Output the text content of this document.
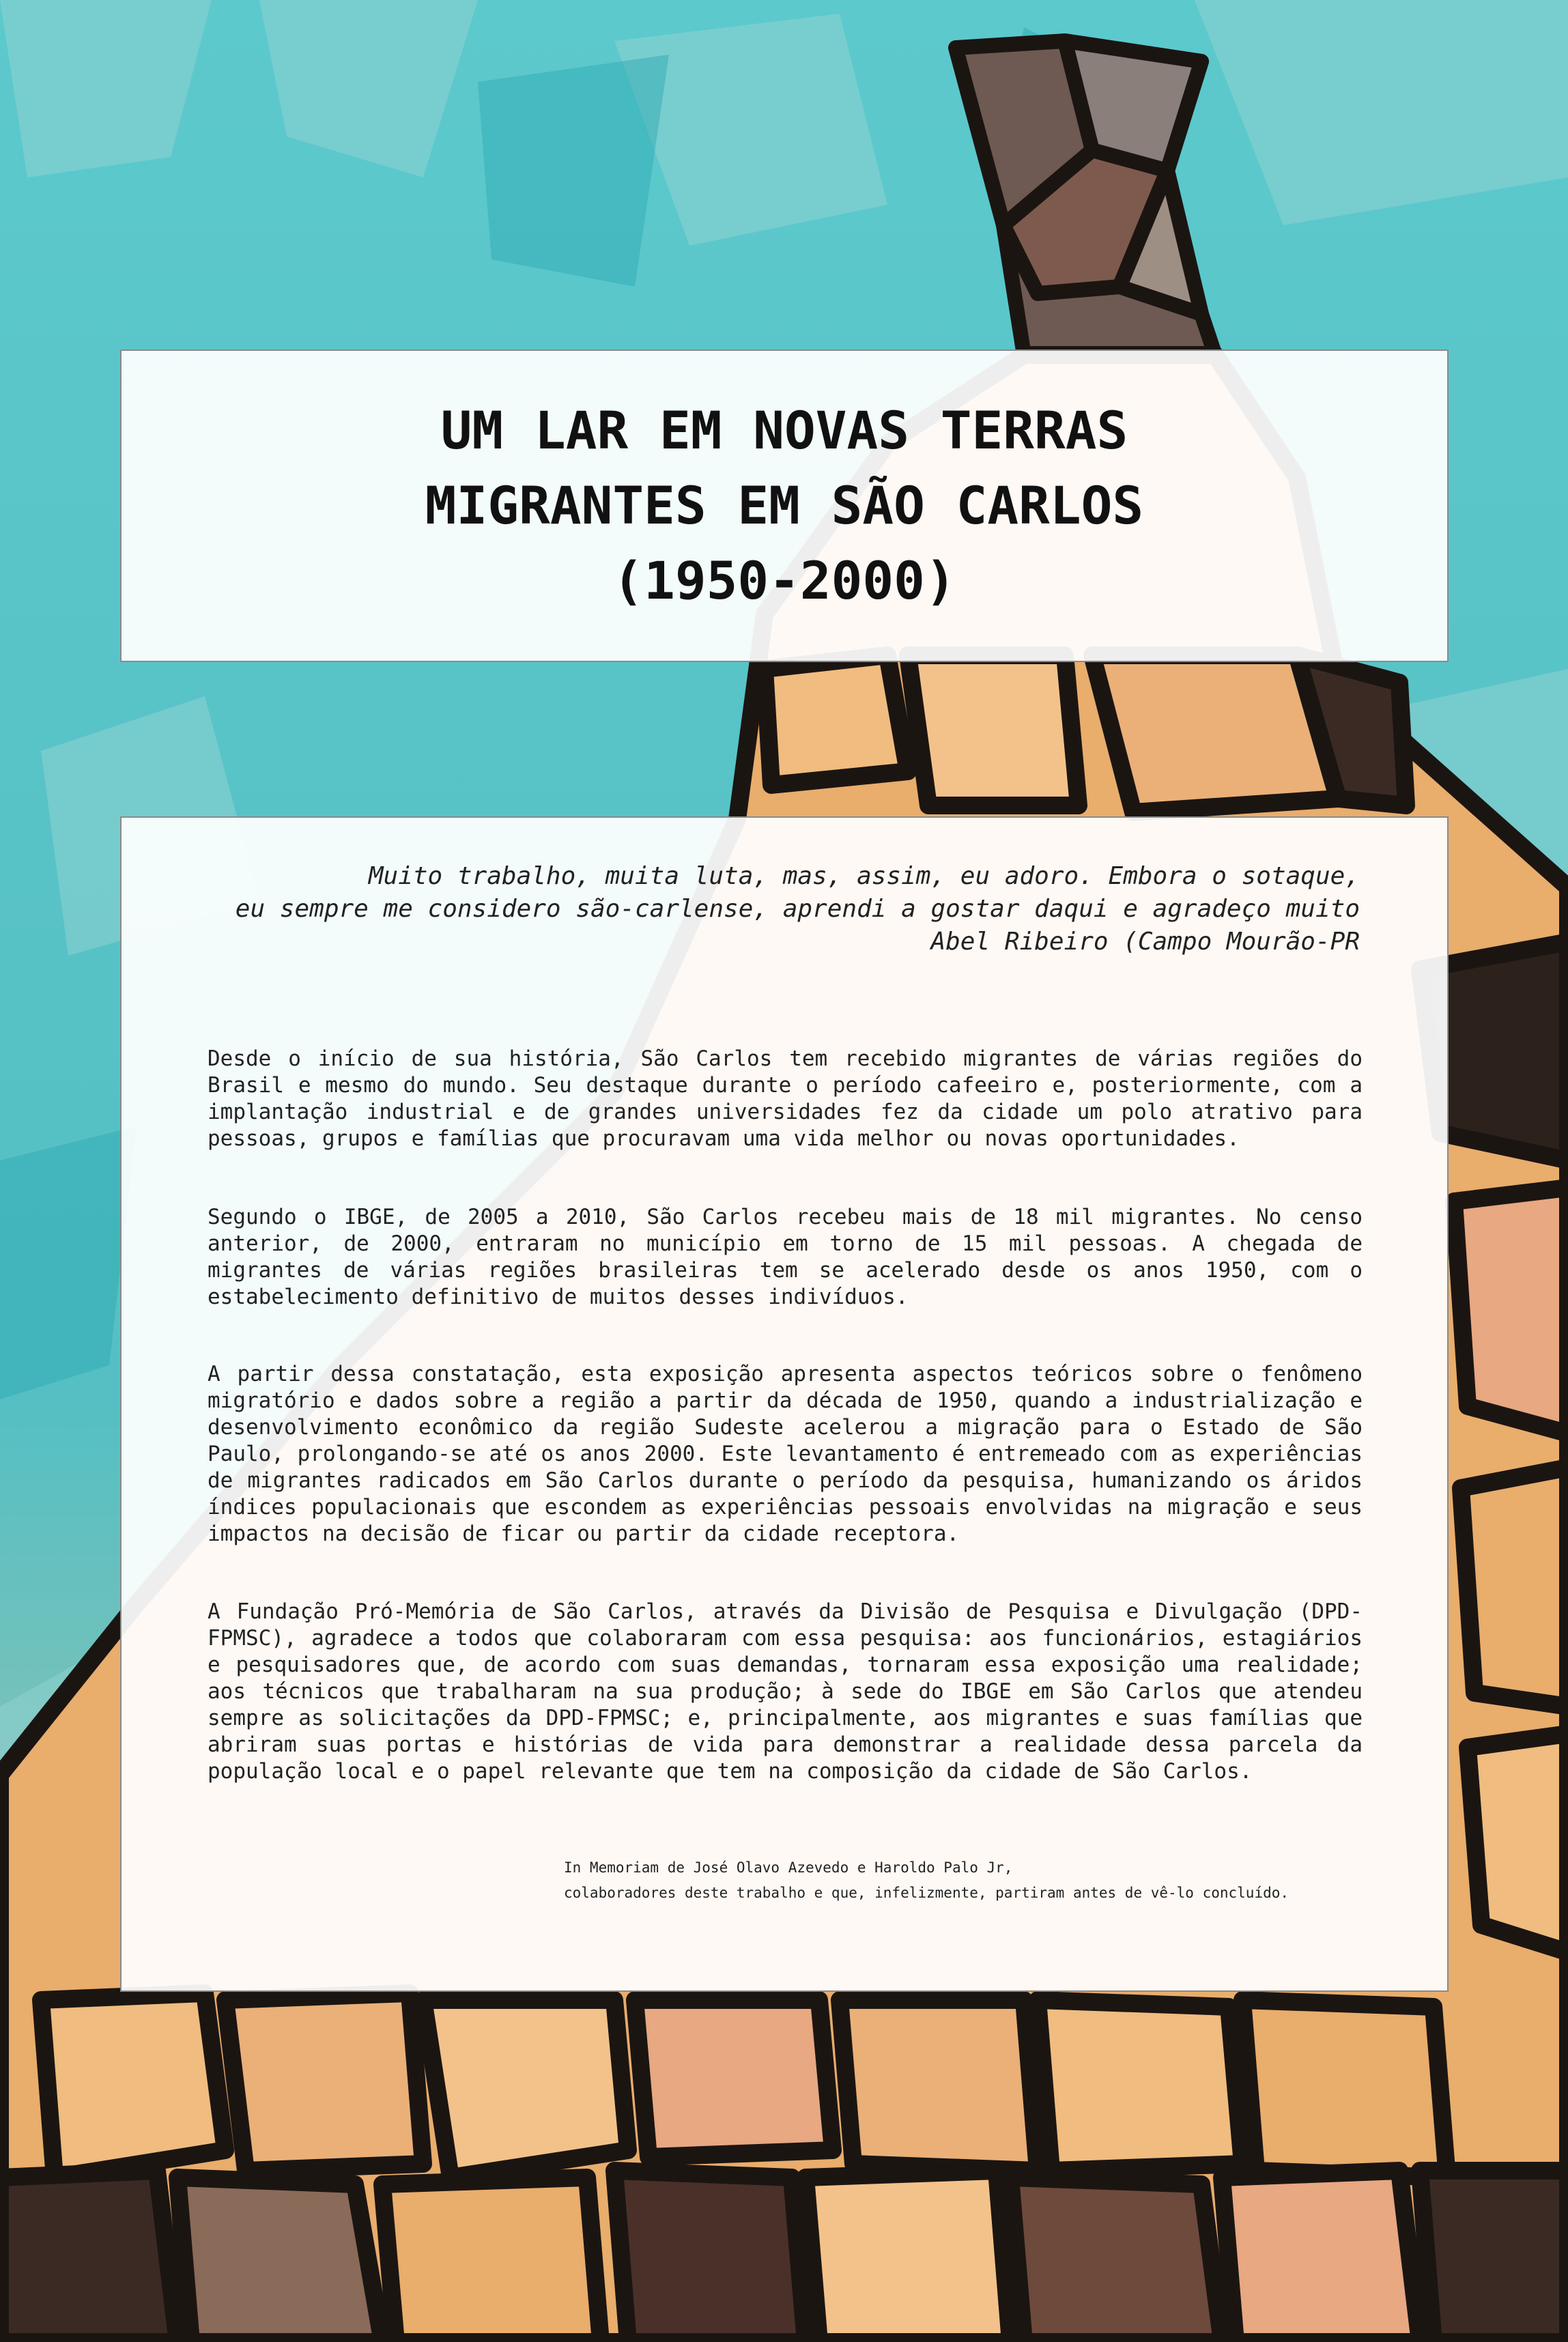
UM LAR EM NOVAS TERRAS
MIGRANTES EM SÃO CARLOS
(1950-2000)

Muito trabalho, muita luta, mas, assim, eu adoro. Embora o sotaque,
eu sempre me considero são-carlense, aprendi a gostar daqui e agradeço muito
Abel Ribeiro (Campo Mourão-PR

Desde o início de sua história, São Carlos tem recebido migrantes de várias regiões do Brasil e mesmo do mundo. Seu destaque durante o período cafeeiro e, posteriormente, com a implantação industrial e de grandes universidades fez da cidade um polo atrativo para pessoas, grupos e famílias que procuravam uma vida melhor ou novas oportunidades.

Segundo o IBGE, de 2005 a 2010, São Carlos recebeu mais de 18 mil migrantes. No censo anterior, de 2000, entraram no município em torno de 15 mil pessoas. A chegada de migrantes de várias regiões brasileiras tem se acelerado desde os anos 1950, com o estabelecimento definitivo de muitos desses indivíduos.

A partir dessa constatação, esta exposição apresenta aspectos teóricos sobre o fenômeno migratório e dados sobre a região a partir da década de 1950, quando a industrialização e desenvolvimento econômico da região Sudeste acelerou a migração para o Estado de São Paulo, prolongando-se até os anos 2000. Este levantamento é entremeado com as experiências de migrantes radicados em São Carlos durante o período da pesquisa, humanizando os áridos índices populacionais que escondem as experiências pessoais envolvidas na migração e seus impactos na decisão de ficar ou partir da cidade receptora.

A Fundação Pró-Memória de São Carlos, através da Divisão de Pesquisa e Divulgação (DPD-FPMSC), agradece a todos que colaboraram com essa pesquisa: aos funcionários, estagiários e pesquisadores que, de acordo com suas demandas, tornaram essa exposição uma realidade; aos técnicos que trabalharam na sua produção; à sede do IBGE em São Carlos que atendeu sempre as solicitações da DPD-FPMSC; e, principalmente, aos migrantes e suas famílias que abriram suas portas e histórias de vida para demonstrar a realidade dessa parcela da população local e o papel relevante que tem na composição da cidade de São Carlos.

In Memoriam de José Olavo Azevedo e Haroldo Palo Jr,
colaboradores deste trabalho e que, infelizmente, partiram antes de vê-lo concluído.
